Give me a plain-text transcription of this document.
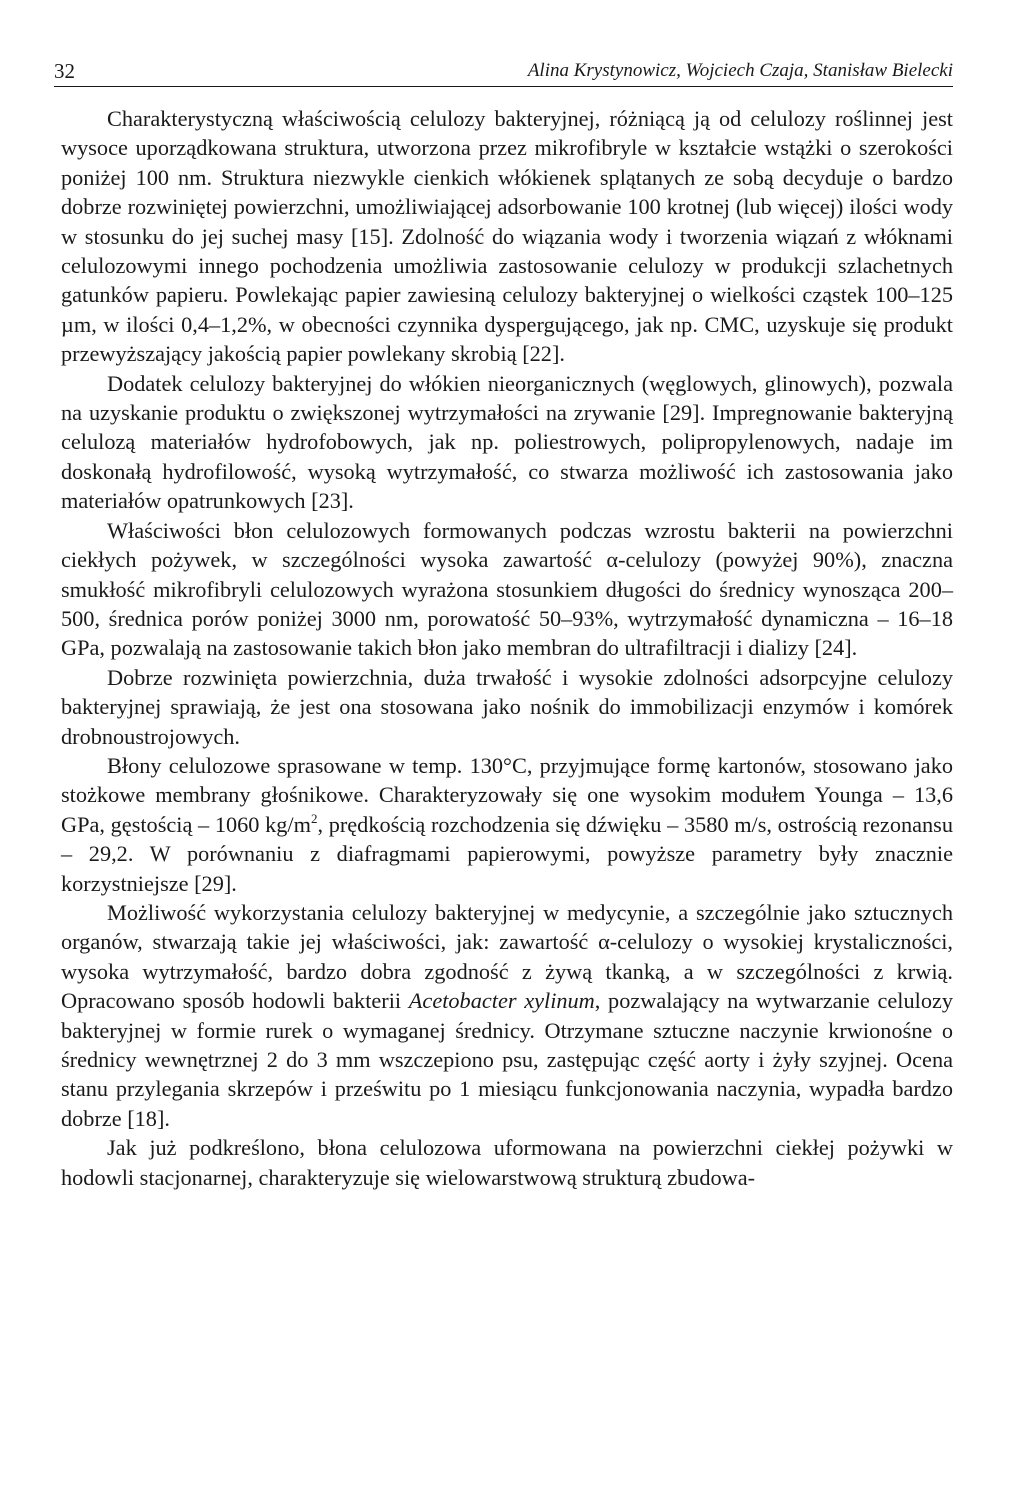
32	Alina Krystynowicz, Wojciech Czaja, Stanisław Bielecki

Charakterystyczną właściwością celulozy bakteryjnej, różniącą ją od celulozy roślinnej jest wysoce uporządkowana struktura, utworzona przez mikrofibryle w kształcie wstążki o szerokości poniżej 100 nm. Struktura niezwykle cienkich włókienek splątanych ze sobą decyduje o bardzo dobrze rozwiniętej powierzchni, umożliwiającej adsorbowanie 100 krotnej (lub więcej) ilości wody w stosunku do jej suchej masy [15]. Zdolność do wiązania wody i tworzenia wiązań z włóknami celulozowymi innego pochodzenia umożliwia zastosowanie celulozy w produkcji szlachetnych gatunków papieru. Powlekając papier zawiesiną celulozy bakteryjnej o wielkości cząstek 100–125 µm, w ilości 0,4–1,2%, w obecności czynnika dyspergującego, jak np. CMC, uzyskuje się produkt przewyższający jakością papier powlekany skrobią [22].

Dodatek celulozy bakteryjnej do włókien nieorganicznych (węglowych, glinowych), pozwala na uzyskanie produktu o zwiększonej wytrzymałości na zrywanie [29]. Impregnowanie bakteryjną celulozą materiałów hydrofobowych, jak np. poliestrowych, polipropylenowych, nadaje im doskonałą hydrofilowość, wysoką wytrzymałość, co stwarza możliwość ich zastosowania jako materiałów opatrunkowych [23].

Właściwości błon celulozowych formowanych podczas wzrostu bakterii na powierzchni ciekłych pożywek, w szczególności wysoka zawartość α-celulozy (powyżej 90%), znaczna smukłość mikrofibryli celulozowych wyrażona stosunkiem długości do średnicy wynosząca 200–500, średnica porów poniżej 3000 nm, porowatość 50–93%, wytrzymałość dynamiczna – 16–18 GPa, pozwalają na zastosowanie takich błon jako membran do ultrafiltracji i dializy [24].

Dobrze rozwinięta powierzchnia, duża trwałość i wysokie zdolności adsorpcyjne celulozy bakteryjnej sprawiają, że jest ona stosowana jako nośnik do immobilizacji enzymów i komórek drobnoustrojowych.

Błony celulozowe sprasowane w temp. 130°C, przyjmujące formę kartonów, stosowano jako stożkowe membrany głośnikowe. Charakteryzowały się one wysokim modułem Younga – 13,6 GPa, gęstością – 1060 $kg/m^2$, prędkością rozchodzenia się dźwięku – 3580 m/s, ostrością rezonansu – 29,2. W porównaniu z diafragmami papierowymi, powyższe parametry były znacznie korzystniejsze [29].

Możliwość wykorzystania celulozy bakteryjnej w medycynie, a szczególnie jako sztucznych organów, stwarzają takie jej właściwości, jak: zawartość α-celulozy o wysokiej krystaliczności, wysoka wytrzymałość, bardzo dobra zgodność z żywą tkanką, a w szczególności z krwią. Opracowano sposób hodowli bakterii Acetobacter xylinum, pozwalający na wytwarzanie celulozy bakteryjnej w formie rurek o wymaganej średnicy. Otrzymane sztuczne naczynie krwionośne o średnicy wewnętrznej 2 do 3 mm wszczepiono psu, zastępując część aorty i żyły szyjnej. Ocena stanu przylegania skrzepów i prześwitu po 1 miesiącu funkcjonowania naczynia, wypadła bardzo dobrze [18].

Jak już podkreślono, błona celulozowa uformowana na powierzchni ciekłej pożywki w hodowli stacjonarnej, charakteryzuje się wielowarstwową strukturą zbudowa-
